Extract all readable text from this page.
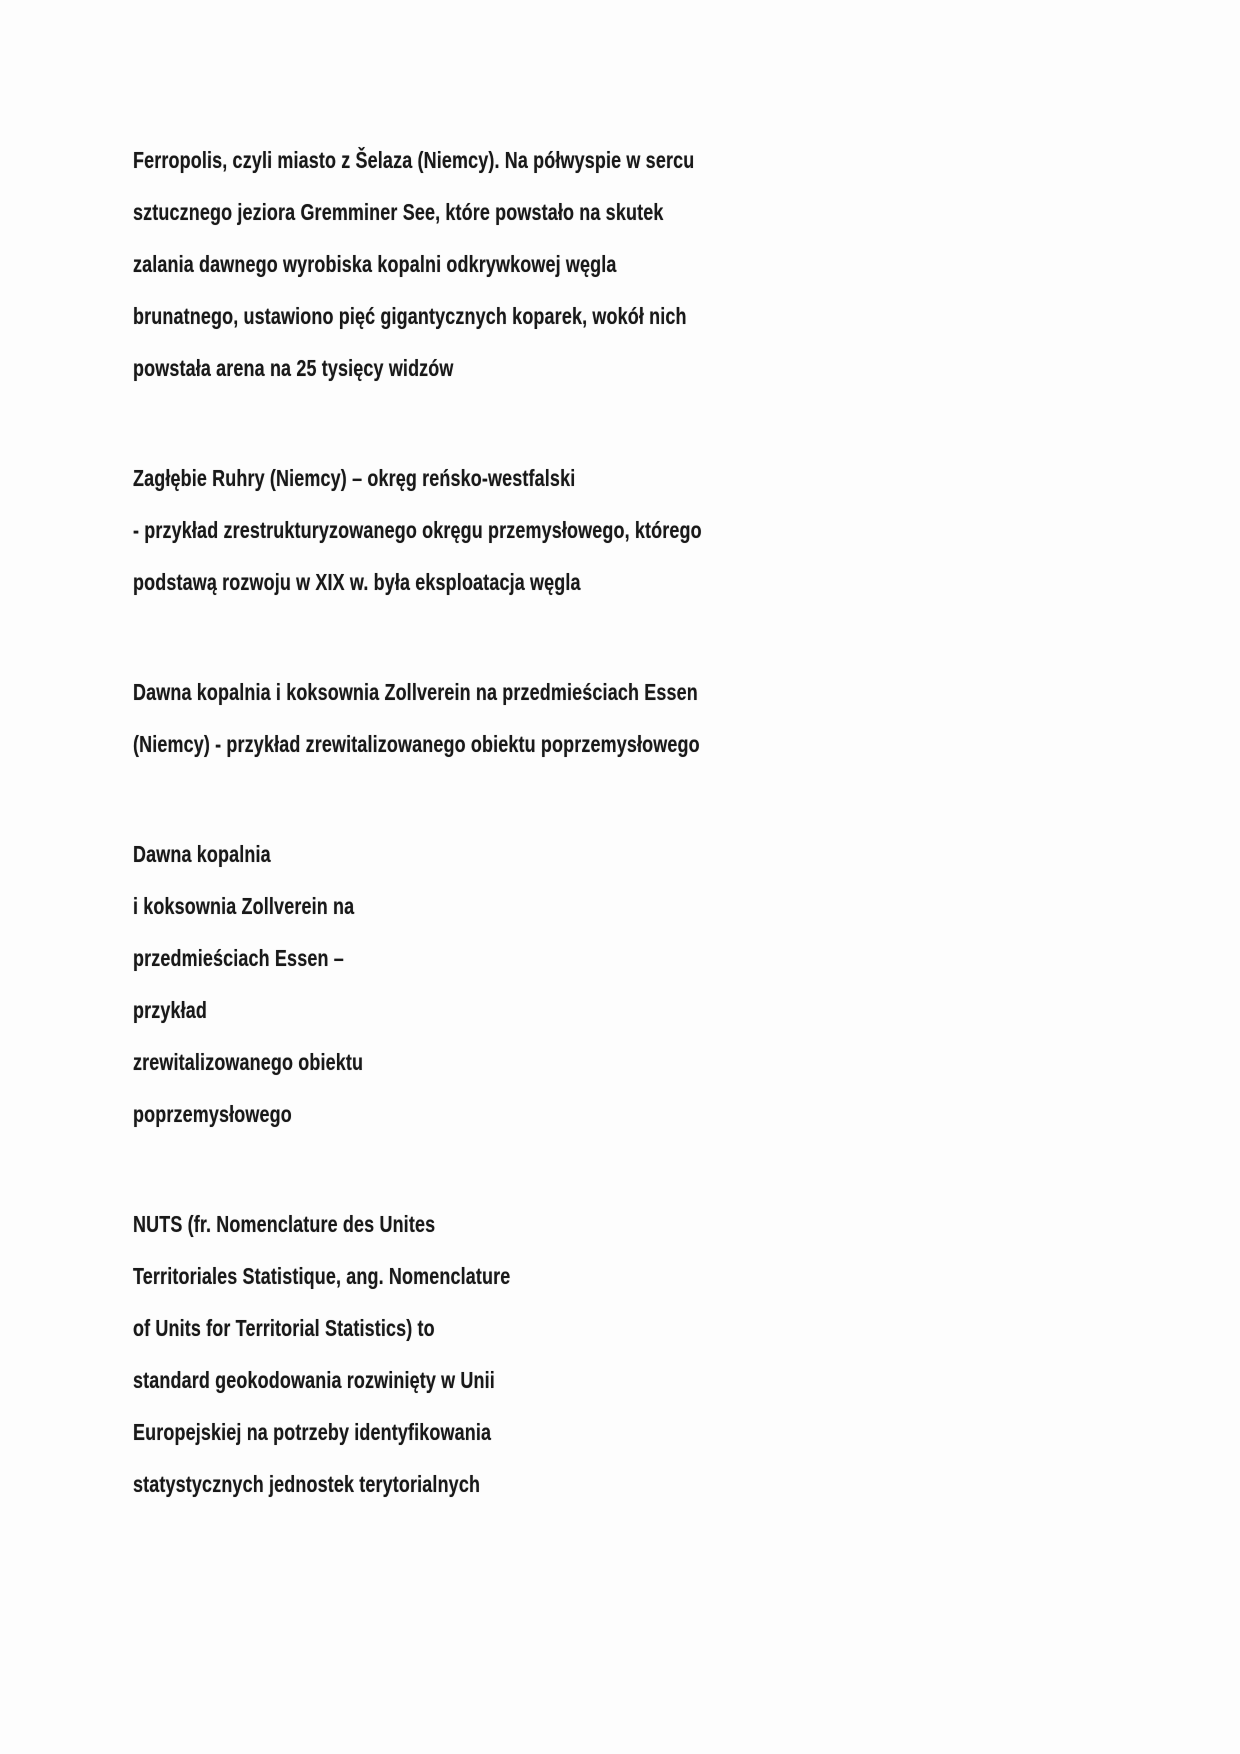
Ferropolis, czyli miasto z Šelaza (Niemcy). Na półwyspie w sercu
sztucznego jeziora Gremminer See, które powstało na skutek
zalania dawnego wyrobiska kopalni odkrywkowej węgla
brunatnego, ustawiono pięć gigantycznych koparek, wokół nich
powstała arena na 25 tysięcy widzów

Zagłębie Ruhry (Niemcy) – okręg reńsko-westfalski
- przykład zrestrukturyzowanego okręgu przemysłowego, którego
podstawą rozwoju w XIX w. była eksploatacja węgla

Dawna kopalnia i koksownia Zollverein na przedmieściach Essen
(Niemcy) - przykład zrewitalizowanego obiektu poprzemysłowego

Dawna kopalnia
i koksownia Zollverein na
przedmieściach Essen –
przykład
zrewitalizowanego obiektu
poprzemysłowego

NUTS (fr. Nomenclature des Unites
Territoriales Statistique, ang. Nomenclature
of Units for Territorial Statistics) to
standard geokodowania rozwinięty w Unii
Europejskiej na potrzeby identyfikowania
statystycznych jednostek terytorialnych
